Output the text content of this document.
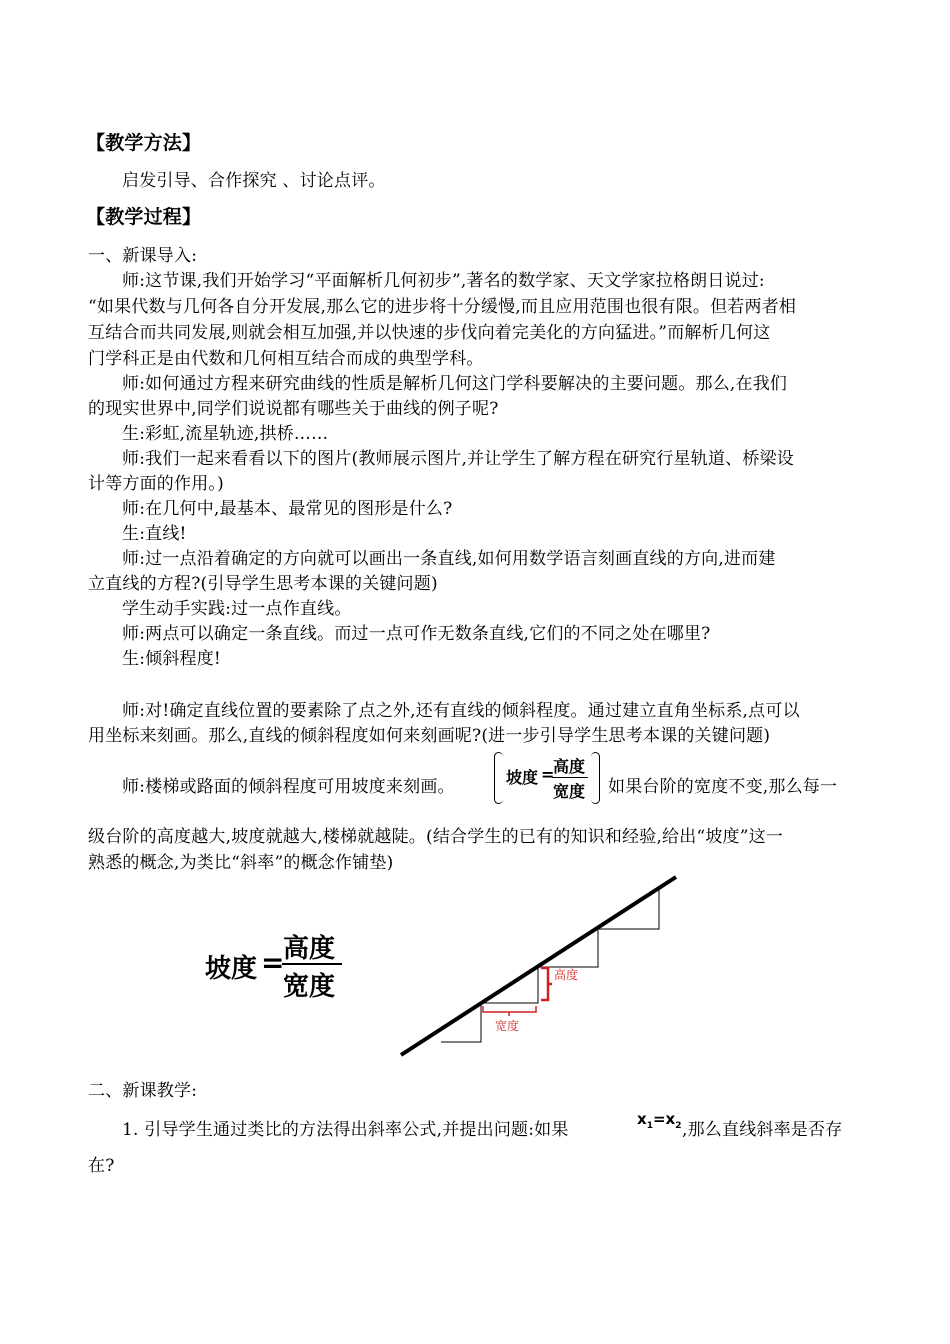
【教学方法】
启发引导、合作探究 、讨论点评。
【教学过程】
一、新课导入:
师:这节课,我们开始学习“平面解析几何初步”,著名的数学家、天文学家拉格朗日说过:
“如果代数与几何各自分开发展,那么它的进步将十分缓慢,而且应用范围也很有限。但若两者相
互结合而共同发展,则就会相互加强,并以快速的步伐向着完美化的方向猛进。”而解析几何这
门学科正是由代数和几何相互结合而成的典型学科。
师:如何通过方程来研究曲线的性质是解析几何这门学科要解决的主要问题。那么,在我们
的现实世界中,同学们说说都有哪些关于曲线的例子呢?
生:彩虹,流星轨迹,拱桥……
师:我们一起来看看以下的图片(教师展示图片,并让学生了解方程在研究行星轨道、桥梁设
计等方面的作用。)
师:在几何中,最基本、最常见的图形是什么?
生:直线!
师:过一点沿着确定的方向就可以画出一条直线,如何用数学语言刻画直线的方向,进而建
立直线的方程?(引导学生思考本课的关键问题)
学生动手实践:过一点作直线。
师:两点可以确定一条直线。而过一点可作无数条直线,它们的不同之处在哪里?
生:倾斜程度!
师:对!确定直线位置的要素除了点之外,还有直线的倾斜程度。通过建立直角坐标系,点可以
用坐标来刻画。那么,直线的倾斜程度如何来刻画呢?(进一步引导学生思考本课的关键问题)
师:楼梯或路面的倾斜程度可用坡度来刻画。	坡度 =
高度
宽度 如果台阶的宽度不变,那么每一
级台阶的高度越大,坡度就越大,楼梯就越陡。(结合学生的已有的知识和经验,给出“坡度”这一
熟悉的概念,为类比“斜率”的概念作铺垫)
坡度 =
高度
宽度	高度
宽度
二、新课教学:
1. 引导学生通过类比的方法得出斜率公式,并提出问题:如果
$x_1=x_2$ ,那么直线斜率是否存
在?
